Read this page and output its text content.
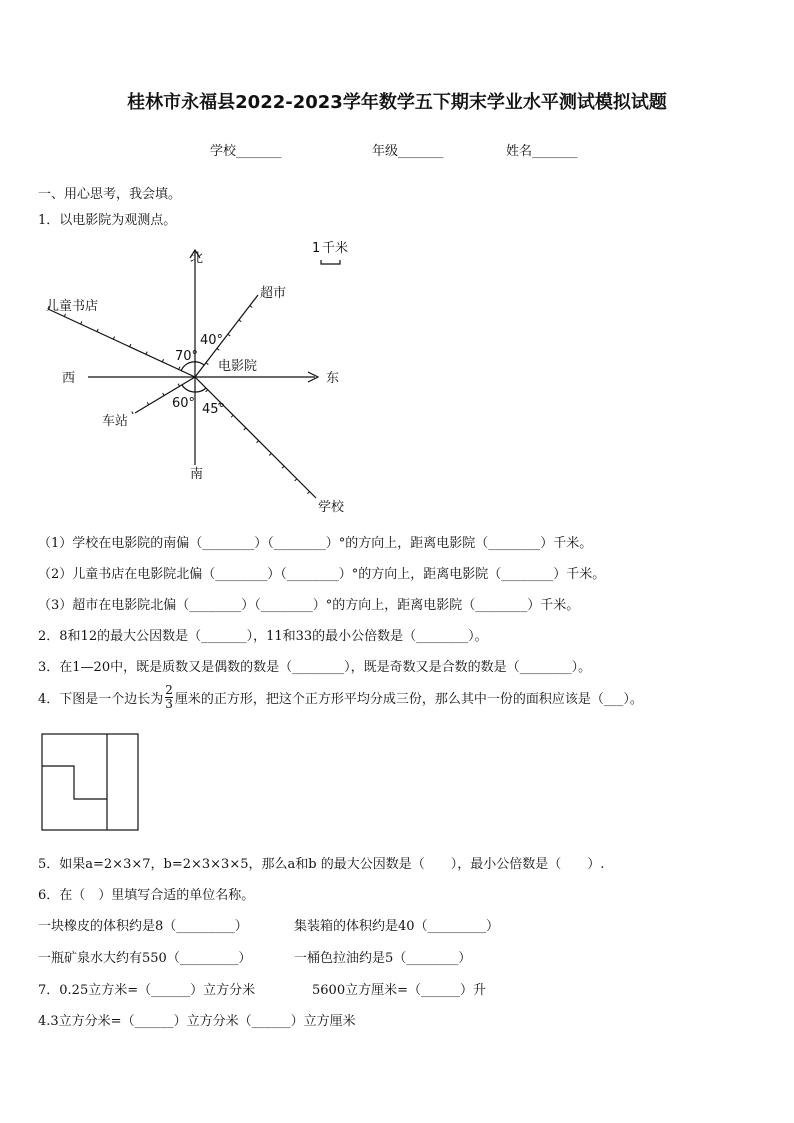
桂林市永福县2022-2023学年数学五下期末学业水平测试模拟试题
学校_______	年级_______	姓名_______
一、用心思考，我会填。
1．以电影院为观测点。
北
南
东
西
电影院
1 千米
超市
儿童书店
车站
学校
40°
70°
60° 45°
（1）学校在电影院的南偏（________）（________）°的方向上，距离电影院（________）千米。
（2）儿童书店在电影院北偏（________）（________）°的方向上，距离电影院（________）千米。
（3）超市在电影院北偏（________）（________）°的方向上，距离电影院（________）千米。
2．8和12的最大公因数是（_______），11和33的最小公倍数是（________）。
3．在1—20中，既是质数又是偶数的数是（________），既是奇数又是合数的数是（________）。
4．下图是一个边长为 $\frac{2}{3}$ 厘米的正方形，把这个正方形平均分成三份，那么其中一份的面积应该是（___）。
5．如果a=2×3×7，b=2×3×3×5，那么a和b 的最大公因数是（　　），最小公倍数是（　　）.
6．在（　）里填写合适的单位名称。
一块橡皮的体积约是8（_________）	集装箱的体积约是40（_________）
一瓶矿泉水大约有550（_________）	一桶色拉油约是5（________）
7．0.25立方米=（______）立方分米	5600立方厘米=（______）升
4.3立方分米=（______）立方分米（______）立方厘米
